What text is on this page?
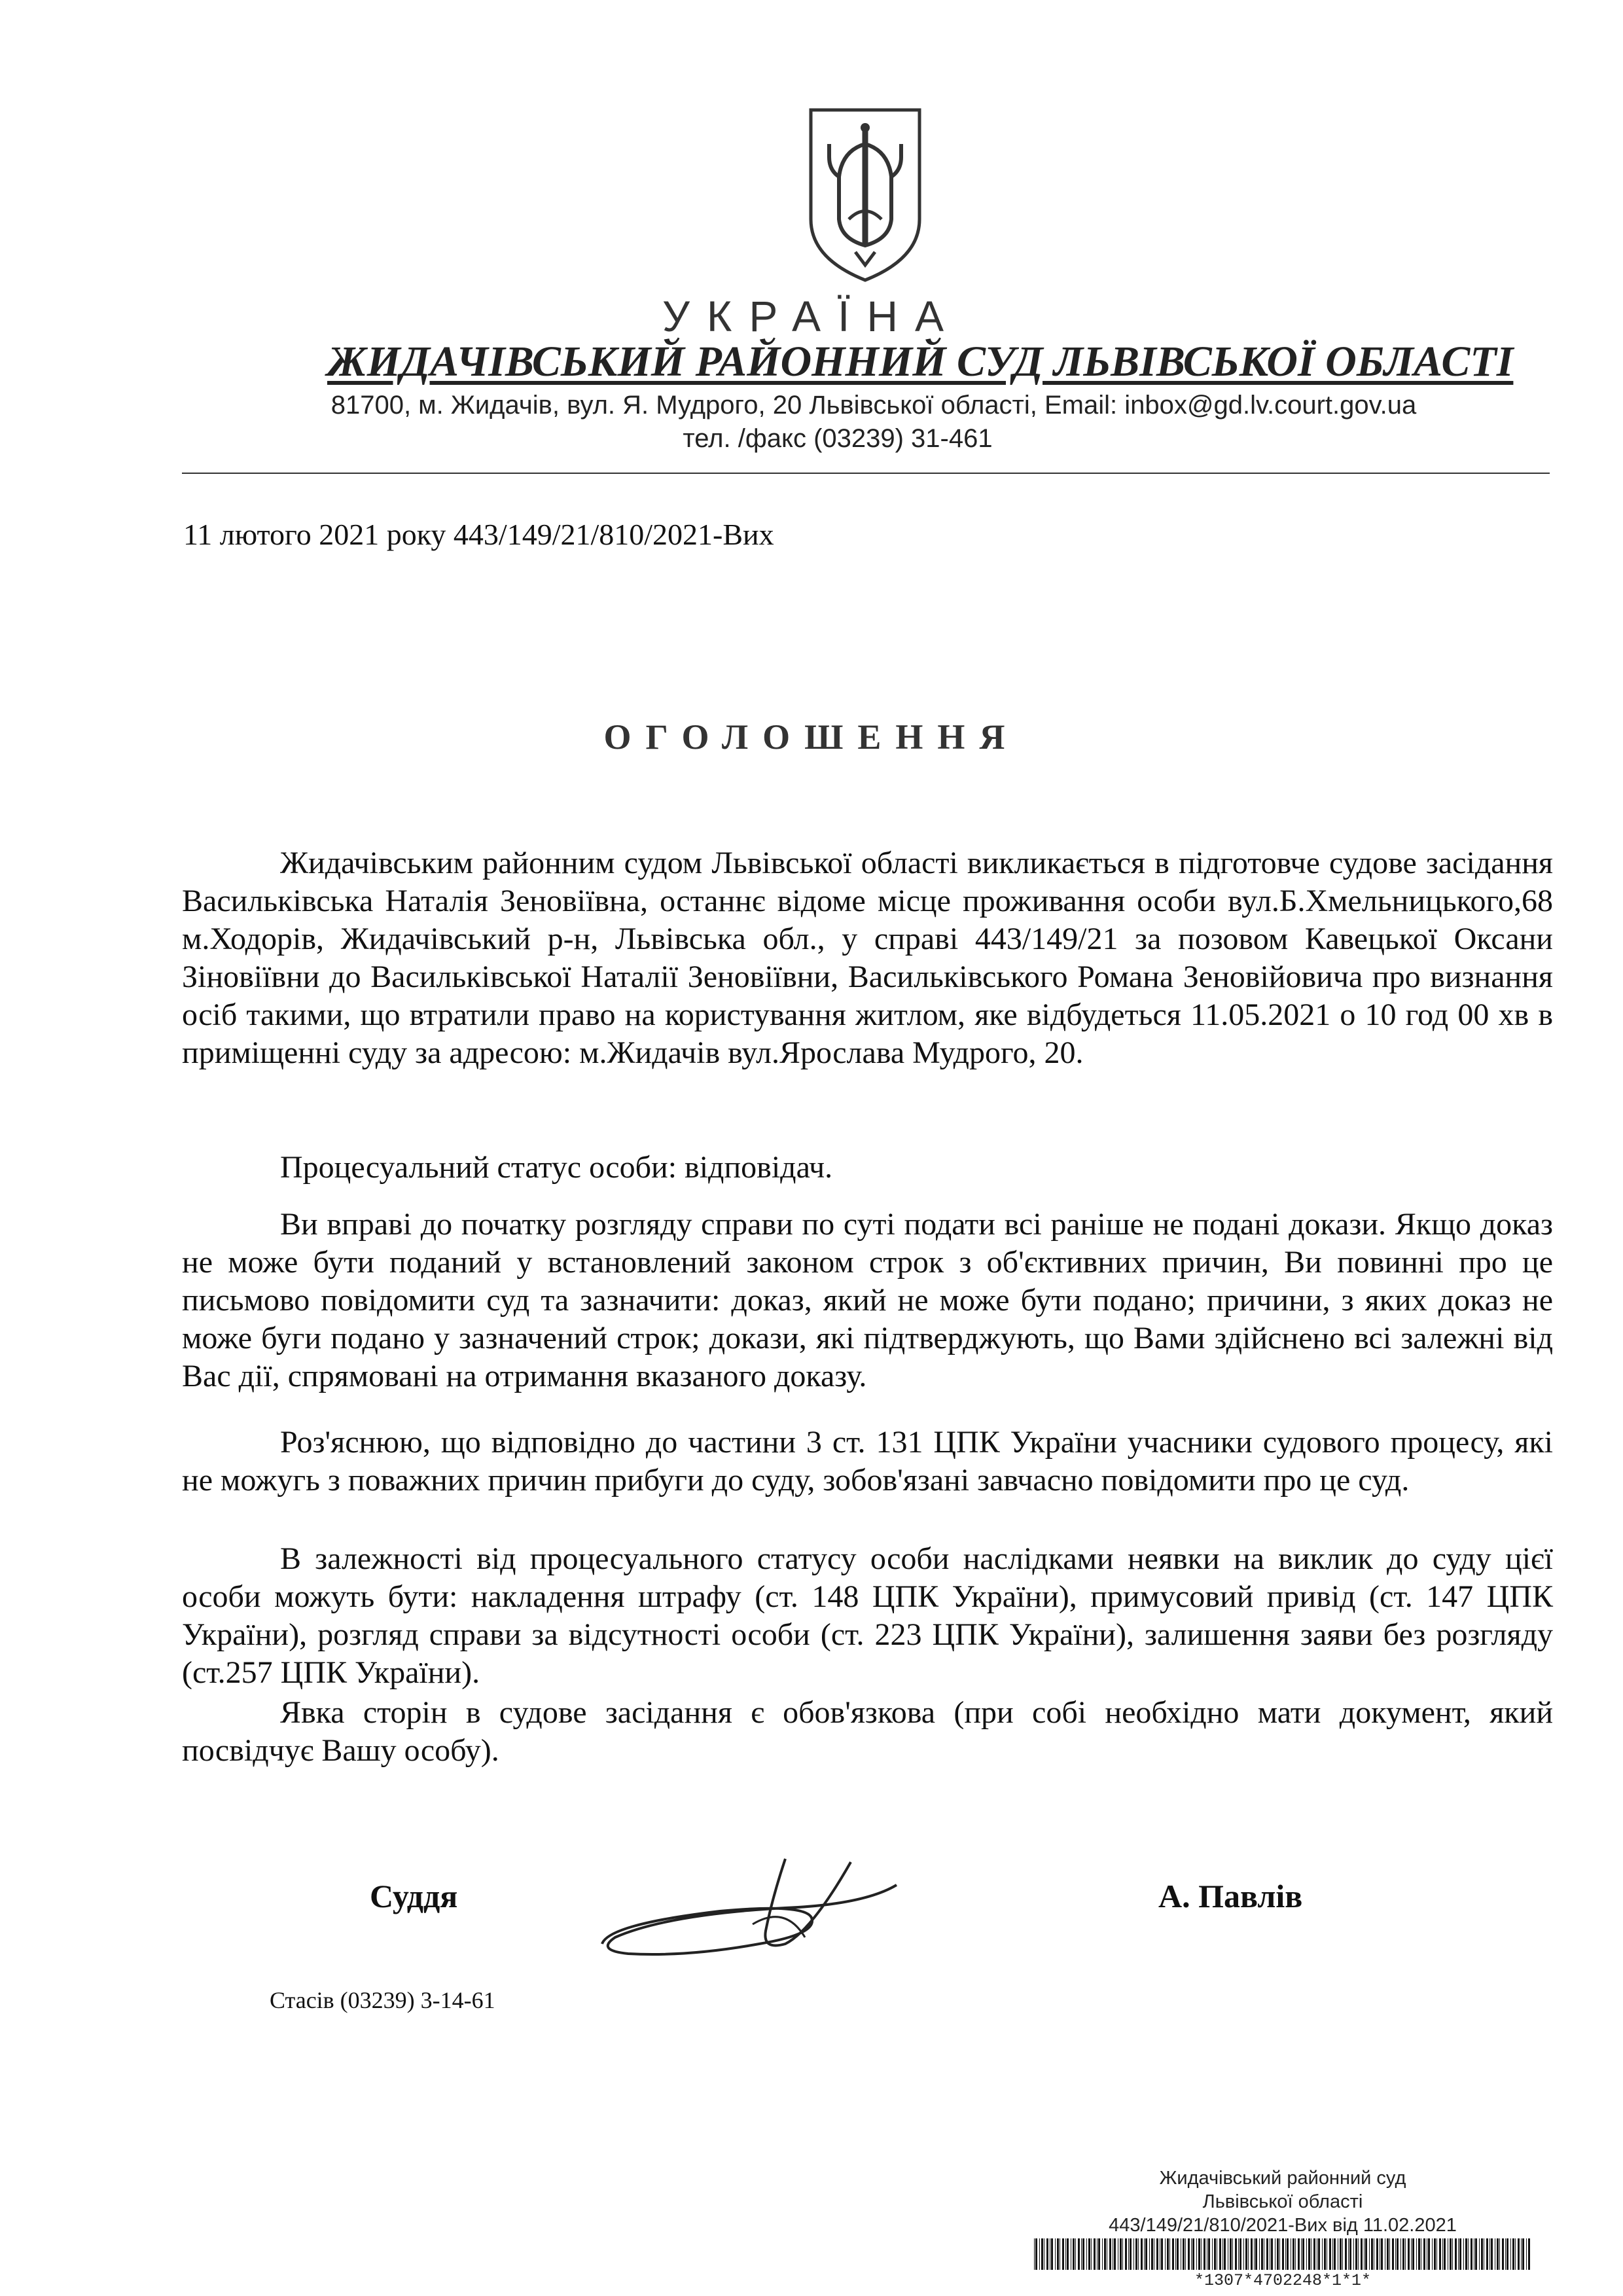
УКРАЇНА
ЖИДАЧІВСЬКИЙ РАЙОННИЙ СУД ЛЬВІВСЬКОЇ ОБЛАСТІ
81700, м. Жидачів, вул. Я. Мудрого, 20 Львівської області, Email: inbox@gd.lv.court.gov.ua
тел. /факс (03239) 31-461
11 лютого 2021 року 443/149/21/810/2021-Вих
ОГОЛОШЕННЯ

Жидачівським районним судом Львівської області викликається в підготовче судове засідання Васильківська Наталія Зеновіївна, останнє відоме місце проживання особи вул.Б.Хмельницького,68 м.Ходорів, Жидачівський р-н, Львівська обл., у справі 443/149/21 за позовом Кавецької Оксани Зіновіївни до Васильківської Наталії Зеновіївни, Васильківського Романа Зеновійовича про визнання осіб такими, що втратили право на користування житлом, яке відбудеться 11.05.2021 о 10 год 00 хв в приміщенні суду за адресою: м.Жидачів вул.Ярослава Мудрого, 20.

Процесуальний статус особи: відповідач.

Ви вправі до початку розгляду справи по суті подати всі раніше не подані докази. Якщо доказ не може бути поданий у встановлений законом строк з об'єктивних причин, Ви повинні про це письмово повідомити суд та зазначити: доказ, який не може бути подано; причини, з яких доказ не може буги подано у зазначений строк; докази, які підтверджують, що Вами здійснено всі залежні від Вас дії, спрямовані на отримання вказаного доказу.

Роз'яснюю, що відповідно до частини 3 ст. 131 ЦПК України учасники судового процесу, які не можугь з поважних причин прибуги до суду, зобов'язані завчасно повідомити про це суд.

В залежності від процесуального статусу особи наслідками неявки на виклик до суду цієї особи можуть бути: накладення штрафу (ст. 148 ЦПК України), примусовий привід (ст. 147 ЦПК України), розгляд справи за відсутності особи (ст. 223 ЦПК України), залишення заяви без розгляду (ст.257 ЦПК України).

Явка сторін в судове засідання є обов'язкова (при собі необхідно мати документ, який посвідчує Вашу особу).

Суддя	А. Павлів
Стасів (03239) 3-14-61
Жидачівський районний суд
Львівської області
443/149/21/810/2021-Вих від 11.02.2021
*1307*4702248*1*1*
